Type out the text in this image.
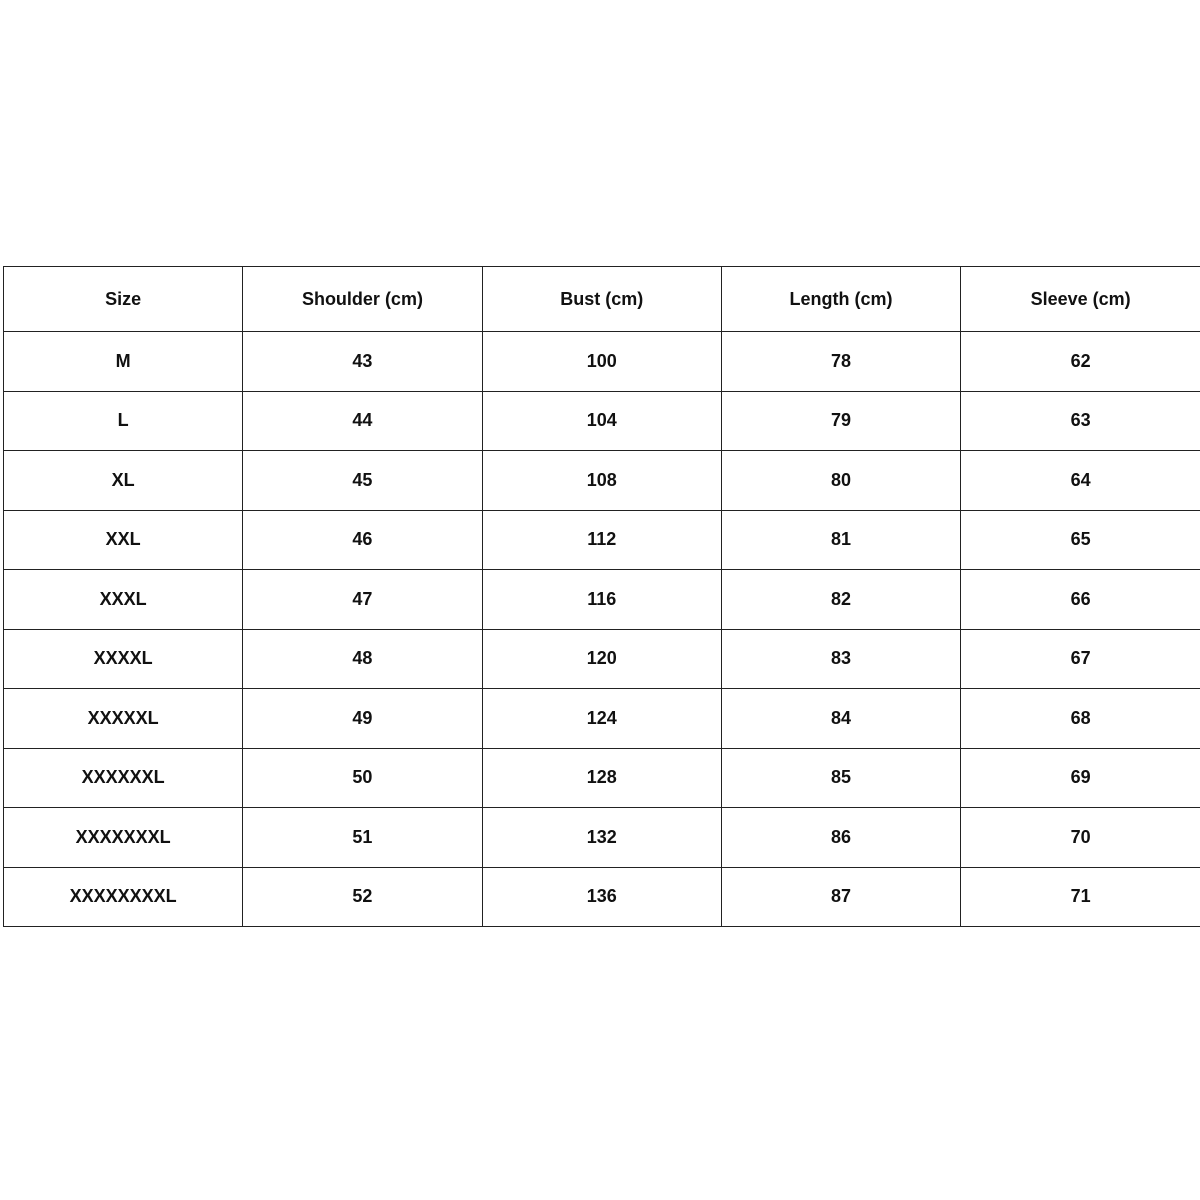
Size	Shoulder (cm)	Bust (cm)	Length (cm)	Sleeve (cm)
M	43	100	78	62
L	44	104	79	63
XL	45	108	80	64
XXL	46	112	81	65
XXXL	47	116	82	66
XXXXL	48	120	83	67
XXXXXL	49	124	84	68
XXXXXXL	50	128	85	69
XXXXXXXL	51	132	86	70
XXXXXXXXL	52	136	87	71
